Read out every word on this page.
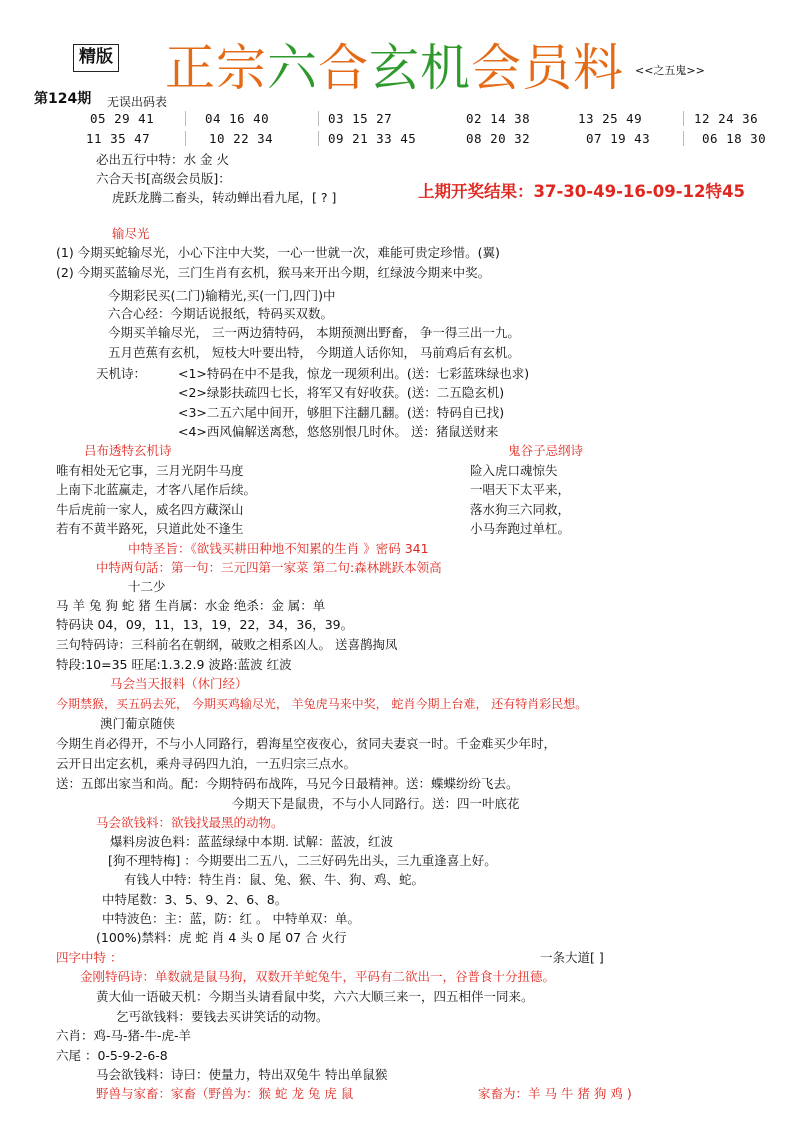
精版 正宗六合玄机会员料 <<之五鬼>>
第124期 无误出码表
05 29 41	04 16 40	03 15 27	02 14 38	13 25 49	12 24 36
11 35 47	10 22 34	09 21 33 45	08 20 32	07 19 43	06 18 30
上期开奖结果：37-30-49-16-09-12特45
必出五行中特：水 金 火
六合天书[高级会员版]：
虎跃龙腾二畜头，转动蝉出看九尾，[ ? ]
输尽光
(1) 今期买蛇输尽光，小心下注中大奖，一心一世就一次，难能可贵定珍惜。(翼)
(2) 今期买蓝输尽光，三门生肖有玄机，猴马来开出今期，红绿波今期来中奖。
今期彩民买(二门)输精光,买(一门,四门)中
六合心经：今期话说报纸，特码买双数。
今期买羊输尽光， 三一两边猜特码， 本期预测出野畜， 争一得三出一九。
五月芭蕉有玄机， 短枝大叶要出特， 今期道人话你知， 马前鸡后有玄机。
天机诗：	<1>特码在中不是我，惊龙一现须利出。(送：七彩蓝珠绿也求)
<2>绿影扶疏四七长，将军又有好收获。(送：二五隐玄机)
<3>二五六尾中间开，够胆下注翻几翻。(送：特码自已找)
<4>西风偏解送离愁，悠悠别恨几时休。 送：猪鼠送财来
吕布透特玄机诗	鬼谷子忌纲诗
唯有相处无它事，三月光阴牛马度	险入虎口魂惊失
上南下北蓝赢走，才客八尾作后续。	一唱天下太平来，
牛后虎前一家人，威名四方藏深山	落水狗三六同救，
若有不黄半路死，只道此处不逢生	小马奔跑过单杠。
中特圣旨：《欲钱买耕田种地不知累的生肖 》密码 341
中特两句話：第一句：三元四第一家菜 第二句:森林跳跃本领高
十二少
马 羊 兔 狗 蛇 猪 生肖属：水金 绝杀：金 属：单
特码诀 04，09，11，13，19，22，34，36，39。
三句特码诗：三科前名在朝纲，破败之相系凶人。 送喜鹊掏凤
特段:10=35 旺尾:1.3.2.9 波路:蓝波 红波
马会当天报料（休门经）
今期禁猴，买五码去死， 今期买鸡输尽光， 羊兔虎马来中奖， 蛇肖今期上台难， 还有特肖彩民想。
澳门葡京随侠
今期生肖必得开，不与小人同路行，碧海星空夜夜心，贫同夫妻哀一时。千金难买少年时，
云开日出定玄机，乘舟寻码四九泊，一五归宗三点水。
送：五郎出家当和尚。配：今期特码布战阵，马兄今日最精神。送：蝶蝶纷纷飞去。
今期天下是鼠贵，不与小人同路行。送：四一叶底花
马会欲钱料：欲钱找最黑的动物。
爆料房波色料：蓝蓝绿绿中本期. 试解：蓝波，红波
[狗不理特梅] ：今期要出二五八，二三好码先出头，三九重逢喜上好。
有钱人中特：特生肖：鼠、兔、猴、牛、狗、鸡、蛇。
中特尾数：3、5、9、2、6、8。
中特波色：主：蓝，防：红 。 中特单双：单。
(100%)禁料：虎 蛇 肖 4 头 0 尾 07 合 火行
四字中特 ：	一条大道[ ]
金刚特码诗：单数就是鼠马狗，双数开羊蛇兔牛，平码有二欲出一，谷普食十分扭德。
黄大仙一语破天机：今期当头请看鼠中奖，六六大顺三来一，四五相伴一同来。
乞丐欲钱料：要钱去买讲笑话的动物。
六肖：鸡-马-猪-牛-虎-羊
六尾 ：0-5-9-2-6-8
马会欲钱料：诗曰：使量力，特出双兔牛 特出单鼠猴
野兽与家畜：家畜（野兽为：猴 蛇 龙 兔 虎 鼠	家畜为：羊 马 牛 猪 狗 鸡 )
